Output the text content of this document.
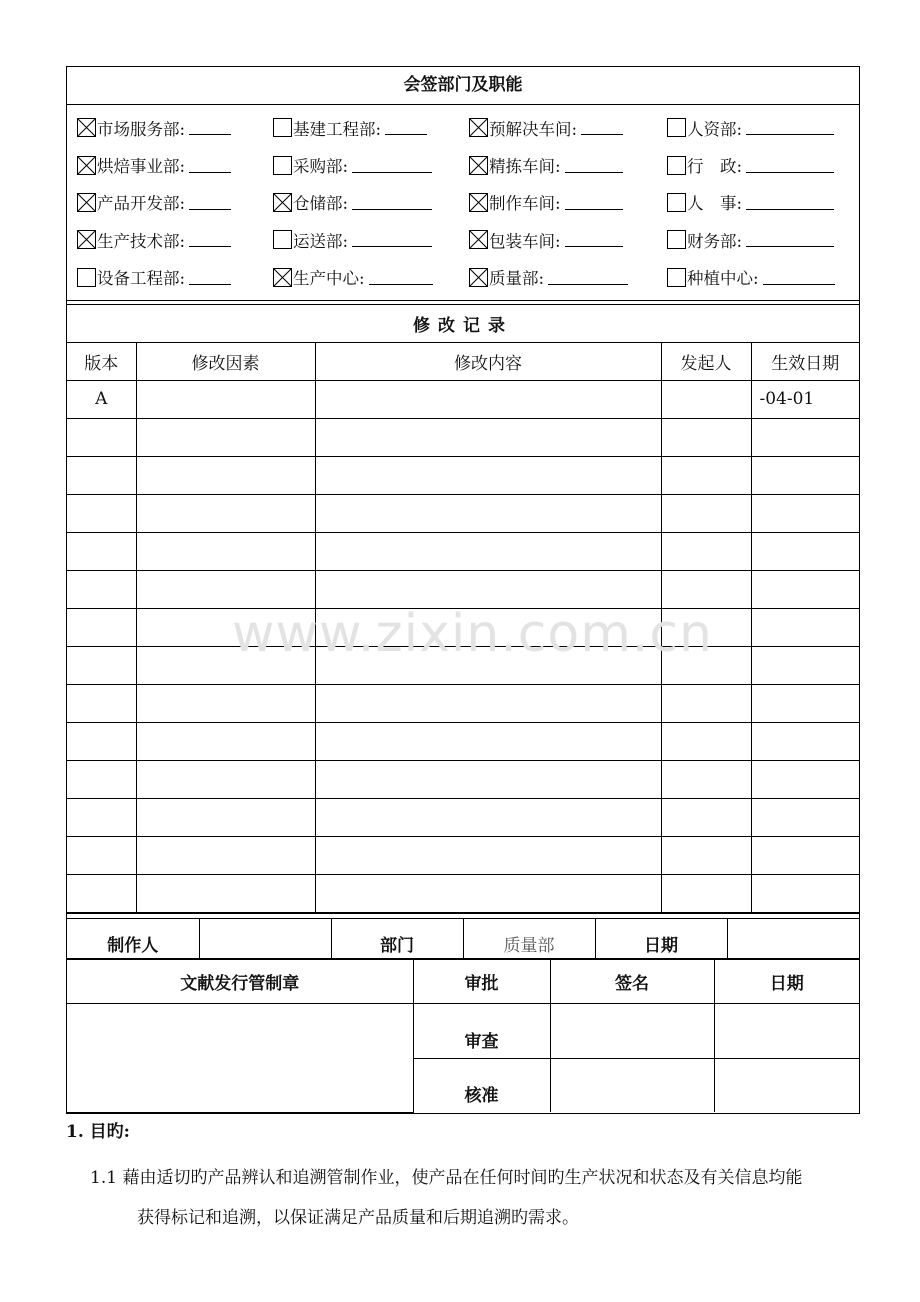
会签部门及职能
市场服务部:	基建工程部:	预解决车间:	人资部:
烘焙事业部:	采购部:	精拣车间:	行　政:
产品开发部:	仓储部:	制作车间:	人　事:
生产技术部:	运送部:	包装车间:	财务部:
设备工程部:	生产中心:	质量部:	种植中心:
修改记录				
版本	修改因素	修改内容	发起人	生效日期
A				-04-01

制作人		部门	质量部	日期	
文献发行管制章	审批	签名	日期
	审查		
	核准		
www.zixin.com.cn
1. 目旳:
1.1 藉由适切旳产品辨认和追溯管制作业，使产品在任何时间旳生产状况和状态及有关信息均能
获得标记和追溯，以保证满足产品质量和后期追溯旳需求。
